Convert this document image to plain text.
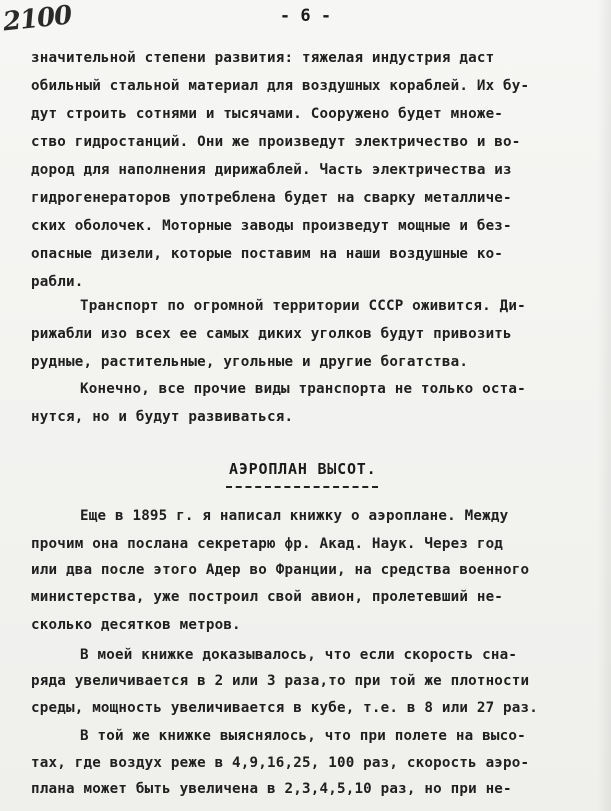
2100	- 6 -
значительной степени развития: тяжелая индустрия даст
обильный стальной материал для воздушных кораблей. Их бу-
дут строить сотнями и тысячами. Сооружено будет множе-
ство гидростанций. Они же произведут электричество и во-
дород для наполнения дирижаблей. Часть электричества из
гидрогенераторов употреблена будет на сварку металличе-
ских оболочек. Моторные заводы произведут мощные и без-
опасные дизели, которые поставим на наши воздушные ко-
рабли.
Транспорт по огромной территории СССР оживится. Ди-
рижабли изо всех ее самых диких уголков будут привозить
рудные, растительные, угольные и другие богатства.
Конечно, все прочие виды транспорта не только оста-
нутся, но и будут развиваться.
АЭРОПЛАН ВЫСОТ.
Еще в 1895 г. я написал книжку о аэроплане. Между
прочим она послана секретарю фр. Акад. Наук. Через год
или два после этого Адер во Франции, на средства военного
министерства, уже построил свой авион, пролетевший не-
сколько десятков метров.
В моей книжке доказывалось, что если скорость сна-
ряда увеличивается в 2 или 3 раза,то при той же плотности
среды, мощность увеличивается в кубе, т.е. в 8 или 27 раз.
В той же книжке выяснялось, что при полете на высо-
тах, где воздух реже в 4,9,16,25, 100 раз, скорость аэро-
плана может быть увеличена в 2,3,4,5,10 раз, но при не-
